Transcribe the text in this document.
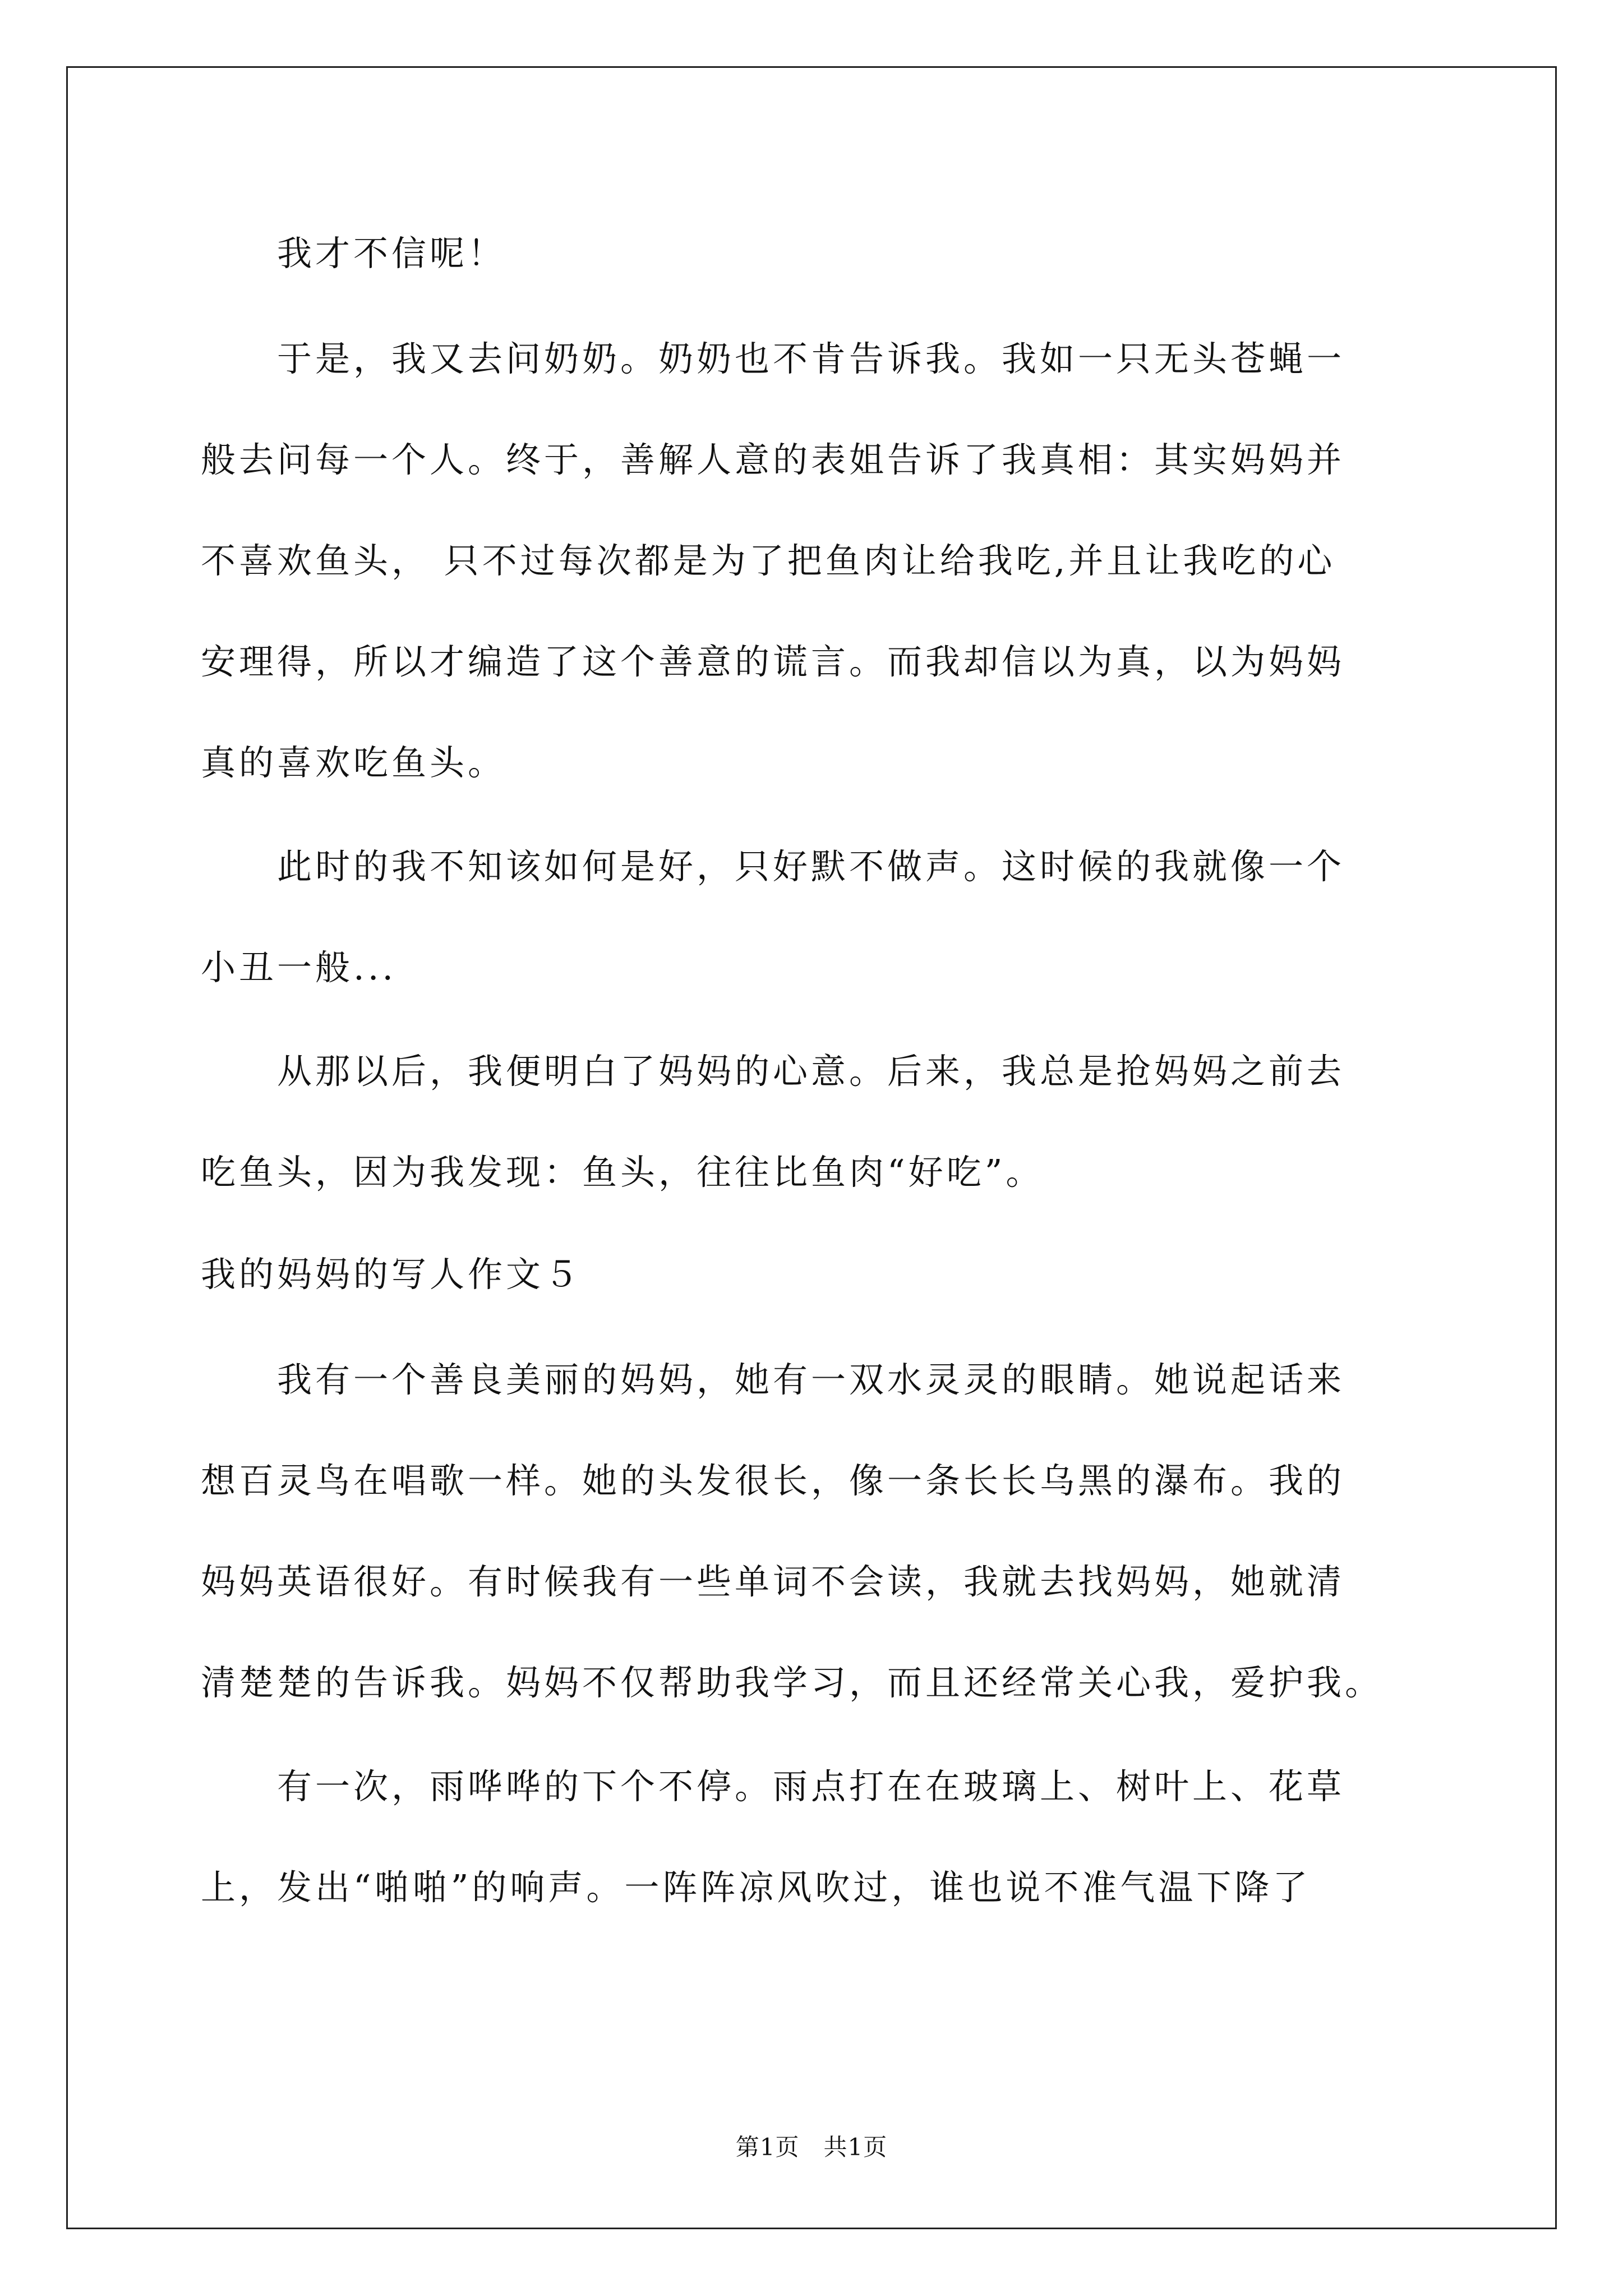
　　我才不信呢！
　　于是，我又去问奶奶。奶奶也不肯告诉我。我如一只无头苍蝇一
般去问每一个人。终于，善解人意的表姐告诉了我真相：其实妈妈并
不喜欢鱼头， 只不过每次都是为了把鱼肉让给我吃,并且让我吃的心
安理得，所以才编造了这个善意的谎言。而我却信以为真，以为妈妈
真的喜欢吃鱼头。
　　此时的我不知该如何是好，只好默不做声。这时候的我就像一个
小丑一般...
　　从那以后，我便明白了妈妈的心意。后来，我总是抢妈妈之前去
吃鱼头，因为我发现：鱼头，往往比鱼肉“好吃”。
我的妈妈的写人作文５
　　我有一个善良美丽的妈妈，她有一双水灵灵的眼睛。她说起话来
想百灵鸟在唱歌一样。她的头发很长，像一条长长乌黑的瀑布。我的
妈妈英语很好。有时候我有一些单词不会读，我就去找妈妈，她就清
清楚楚的告诉我。妈妈不仅帮助我学习，而且还经常关心我，爱护我。
　　有一次，雨哗哗的下个不停。雨点打在在玻璃上、树叶上、花草
上，发出“啪啪”的响声。一阵阵凉风吹过，谁也说不准气温下降了
第1页　共1页
